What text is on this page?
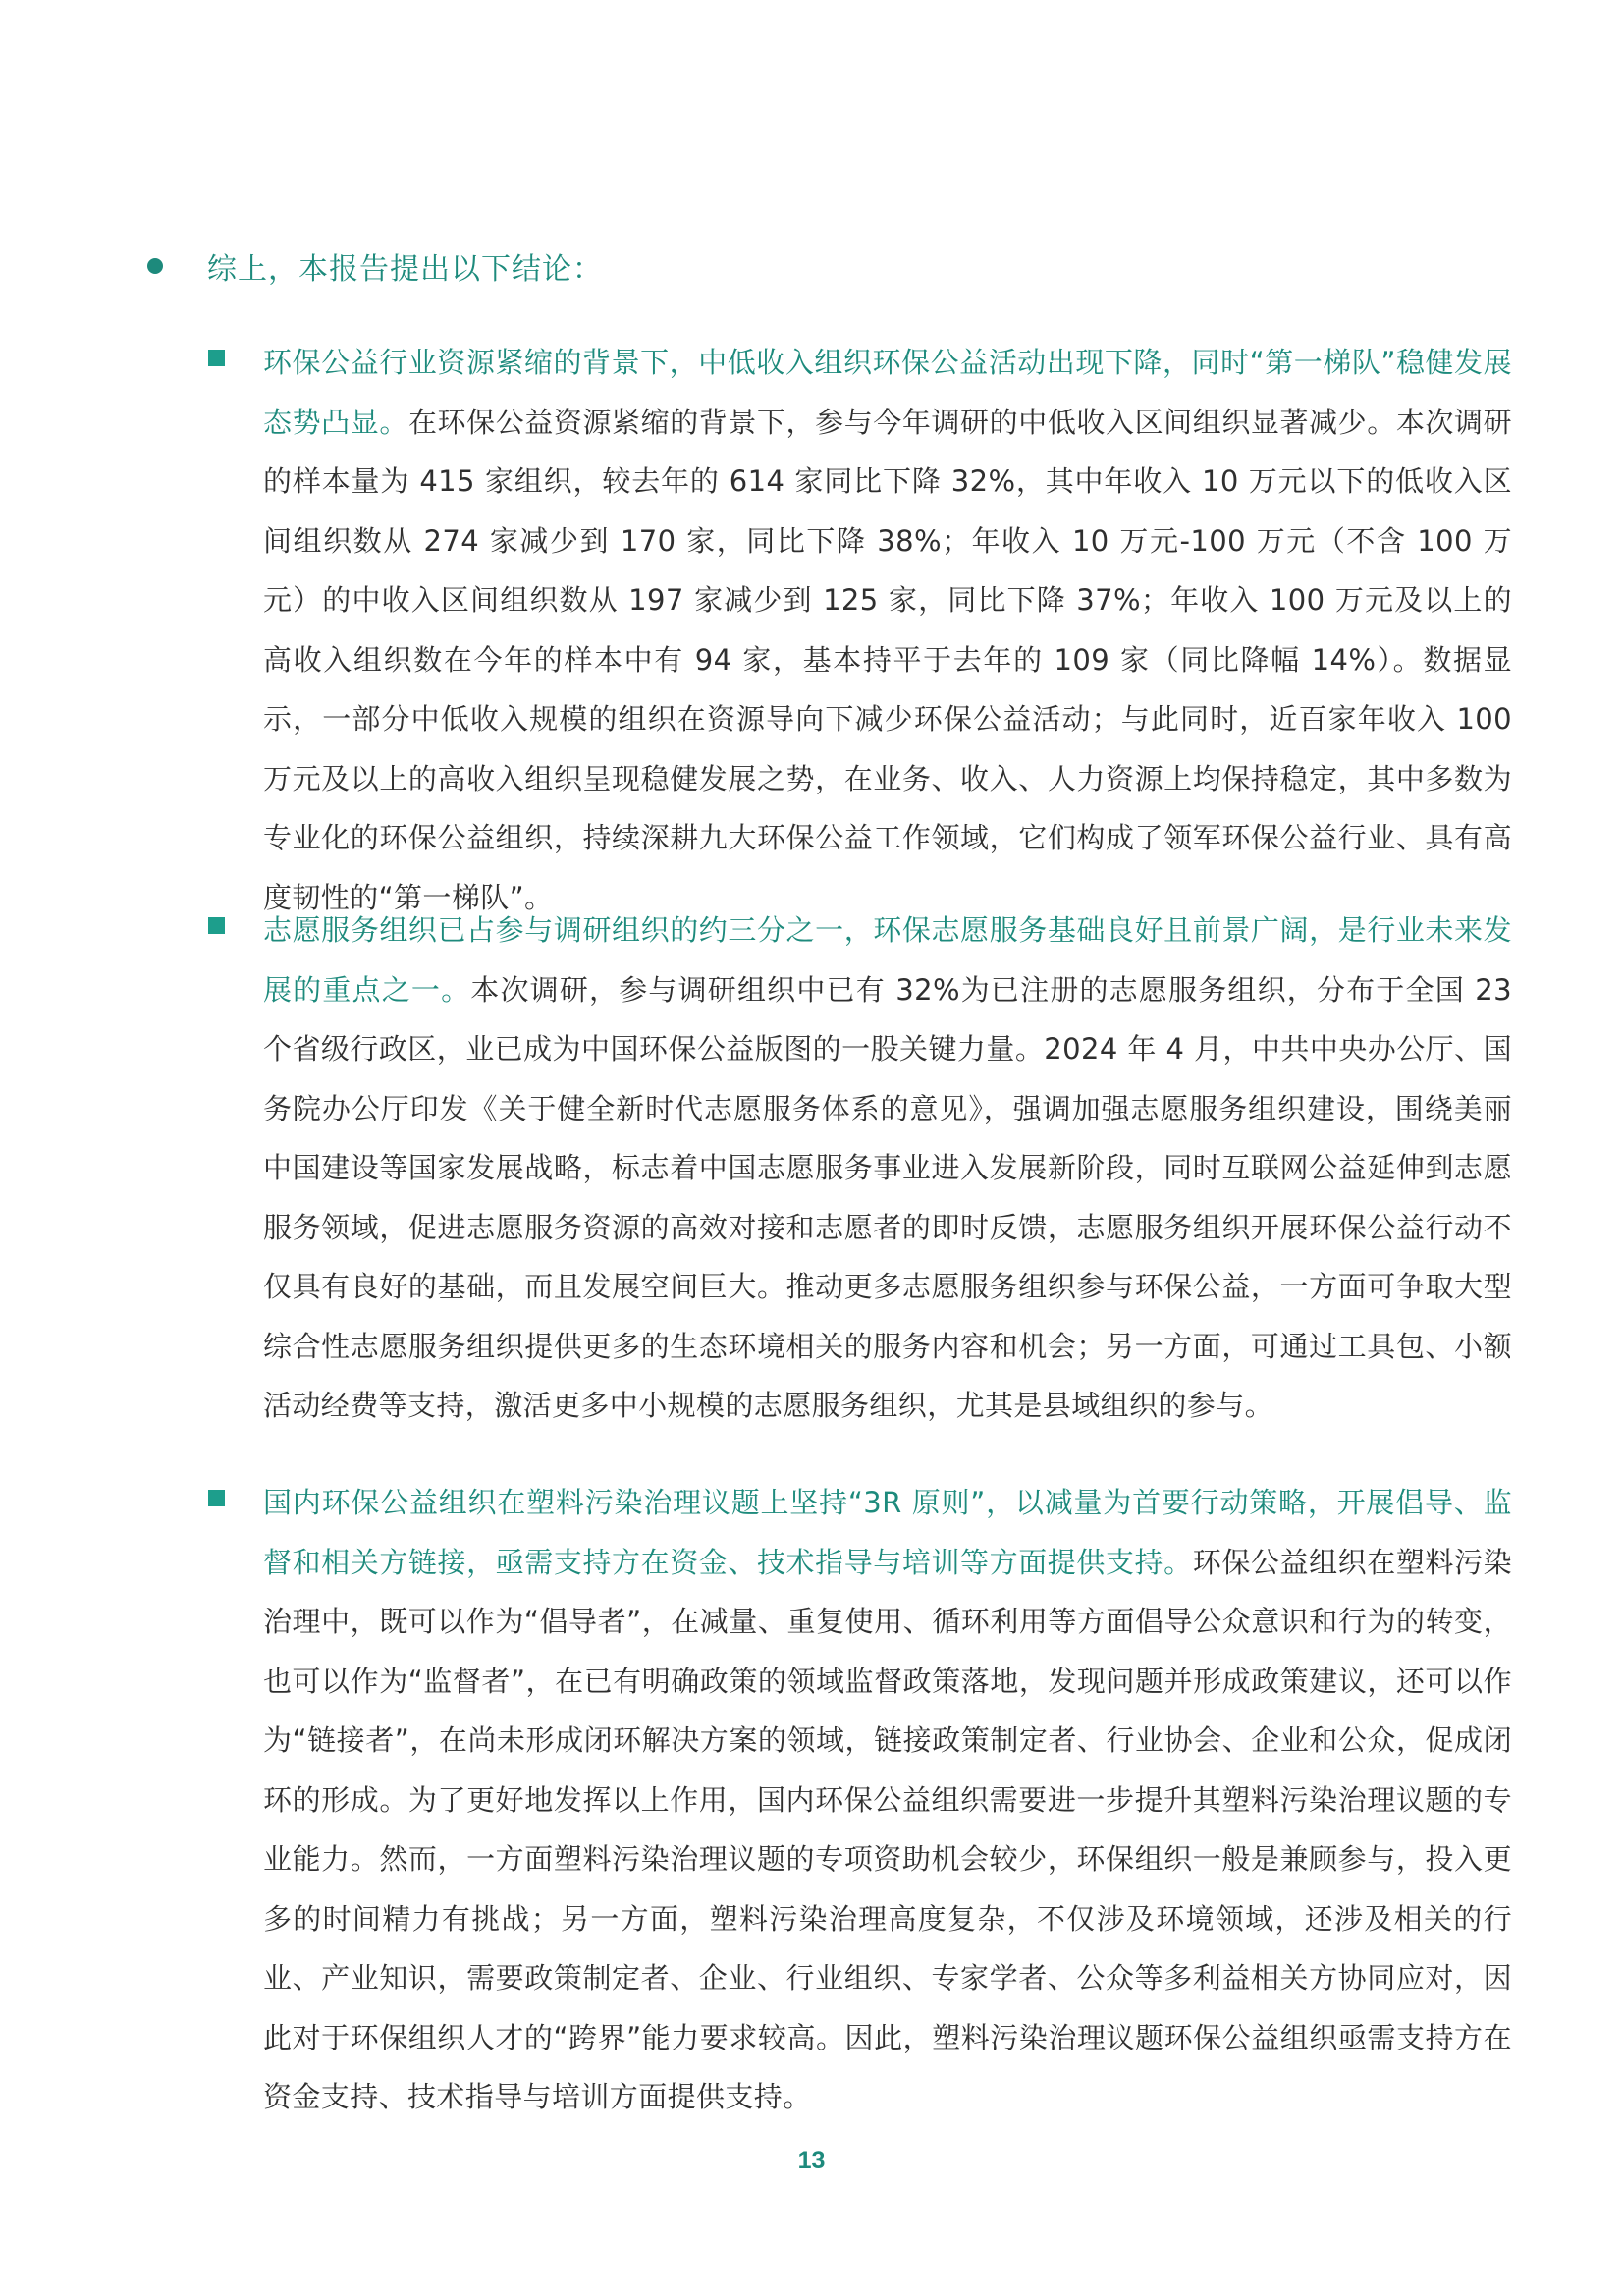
综上，本报告提出以下结论：
环保公益行业资源紧缩的背景下，中低收入组织环保公益活动出现下降，同时“第一梯队”稳健发展态势凸显。在环保公益资源紧缩的背景下，参与今年调研的中低收入区间组织显著减少。本次调研的样本量为 415 家组织，较去年的 614 家同比下降 32%，其中年收入 10 万元以下的低收入区间组织数从 274 家减少到 170 家，同比下降 38%；年收入 10 万元-100 万元（不含 100 万元）的中收入区间组织数从 197 家减少到 125 家，同比下降 37%；年收入 100 万元及以上的高收入组织数在今年的样本中有 94 家，基本持平于去年的 109 家（同比降幅 14%）。数据显示，一部分中低收入规模的组织在资源导向下减少环保公益活动；与此同时，近百家年收入 100 万元及以上的高收入组织呈现稳健发展之势，在业务、收入、人力资源上均保持稳定，其中多数为专业化的环保公益组织，持续深耕九大环保公益工作领域，它们构成了领军环保公益行业、具有高度韧性的“第一梯队”。
志愿服务组织已占参与调研组织的约三分之一，环保志愿服务基础良好且前景广阔，是行业未来发展的重点之一。本次调研，参与调研组织中已有 32%为已注册的志愿服务组织，分布于全国 23 个省级行政区，业已成为中国环保公益版图的一股关键力量。2024 年 4 月，中共中央办公厅、国务院办公厅印发《关于健全新时代志愿服务体系的意见》，强调加强志愿服务组织建设，围绕美丽中国建设等国家发展战略，标志着中国志愿服务事业进入发展新阶段，同时互联网公益延伸到志愿服务领域，促进志愿服务资源的高效对接和志愿者的即时反馈，志愿服务组织开展环保公益行动不仅具有良好的基础，而且发展空间巨大。推动更多志愿服务组织参与环保公益，一方面可争取大型综合性志愿服务组织提供更多的生态环境相关的服务内容和机会；另一方面，可通过工具包、小额活动经费等支持，激活更多中小规模的志愿服务组织，尤其是县域组织的参与。
国内环保公益组织在塑料污染治理议题上坚持“3R 原则”，以减量为首要行动策略，开展倡导、监督和相关方链接，亟需支持方在资金、技术指导与培训等方面提供支持。环保公益组织在塑料污染治理中，既可以作为“倡导者”，在减量、重复使用、循环利用等方面倡导公众意识和行为的转变，也可以作为“监督者”，在已有明确政策的领域监督政策落地，发现问题并形成政策建议，还可以作为“链接者”，在尚未形成闭环解决方案的领域，链接政策制定者、行业协会、企业和公众，促成闭环的形成。为了更好地发挥以上作用，国内环保公益组织需要进一步提升其塑料污染治理议题的专业能力。然而，一方面塑料污染治理议题的专项资助机会较少，环保组织一般是兼顾参与，投入更多的时间精力有挑战；另一方面，塑料污染治理高度复杂，不仅涉及环境领域，还涉及相关的行业、产业知识，需要政策制定者、企业、行业组织、专家学者、公众等多利益相关方协同应对，因此对于环保组织人才的“跨界”能力要求较高。因此，塑料污染治理议题环保公益组织亟需支持方在资金支持、技术指导与培训方面提供支持。
13
